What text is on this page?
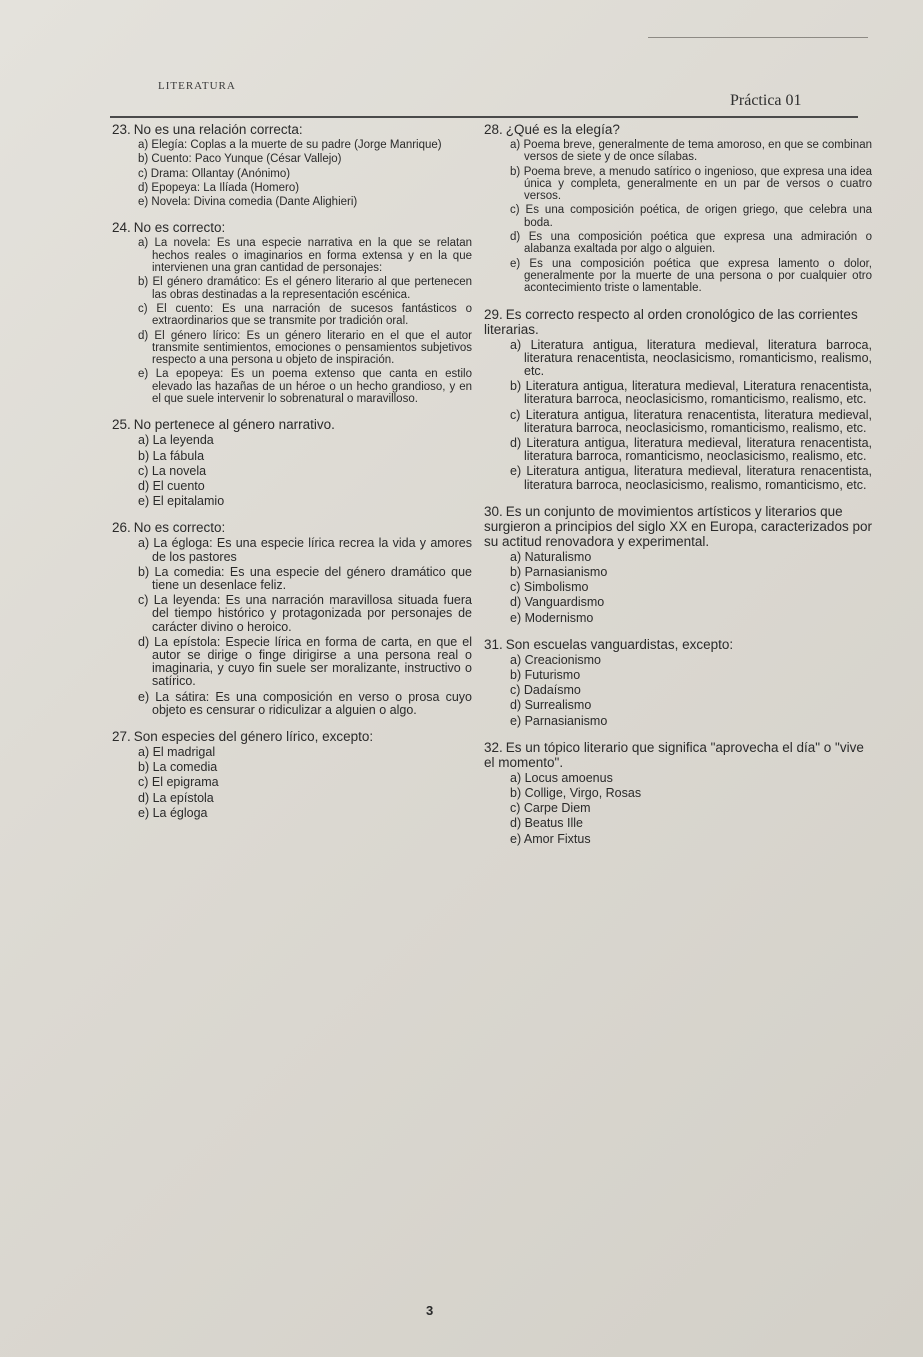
LITERATURA
Práctica 01
23. No es una relación correcta:
a) Elegía: Coplas a la muerte de su padre (Jorge Manrique)
b) Cuento: Paco Yunque (César Vallejo)
c) Drama: Ollantay (Anónimo)
d) Epopeya: La Ilíada (Homero)
e) Novela: Divina comedia (Dante Alighieri)
24. No es correcto:
a) La novela: Es una especie narrativa en la que se relatan hechos reales o imaginarios en forma extensa y en la que intervienen una gran cantidad de personajes:
b) El género dramático: Es el género literario al que pertenecen las obras destinadas a la representación escénica.
c) El cuento: Es una narración de sucesos fantásticos o extraordinarios que se transmite por tradición oral.
d) El género lírico: Es un género literario en el que el autor transmite sentimientos, emociones o pensamientos subjetivos respecto a una persona u objeto de inspiración.
e) La epopeya: Es un poema extenso que canta en estilo elevado las hazañas de un héroe o un hecho grandioso, y en el que suele intervenir lo sobrenatural o maravilloso.
25. No pertenece al género narrativo.
a) La leyenda
b) La fábula
c) La novela
d) El cuento
e) El epitalamio
26. No es correcto:
a) La égloga: Es una especie lírica recrea la vida y amores de los pastores
b) La comedia: Es una especie del género dramático que tiene un desenlace feliz.
c) La leyenda: Es una narración maravillosa situada fuera del tiempo histórico y protagonizada por personajes de carácter divino o heroico.
d) La epístola: Especie lírica en forma de carta, en que el autor se dirige o finge dirigirse a una persona real o imaginaria, y cuyo fin suele ser moralizante, instructivo o satírico.
e) La sátira: Es una composición en verso o prosa cuyo objeto es censurar o ridiculizar a alguien o algo.
27. Son especies del género lírico, excepto:
a) El madrigal
b) La comedia
c) El epigrama
d) La epístola
e) La égloga
28. ¿Qué es la elegía?
a) Poema breve, generalmente de tema amoroso, en que se combinan versos de siete y de once sílabas.
b) Poema breve, a menudo satírico o ingenioso, que expresa una idea única y completa, generalmente en un par de versos o cuatro versos.
c) Es una composición poética, de origen griego, que celebra una boda.
d) Es una composición poética que expresa una admiración o alabanza exaltada por algo o alguien.
e) Es una composición poética que expresa lamento o dolor, generalmente por la muerte de una persona o por cualquier otro acontecimiento triste o lamentable.
29. Es correcto respecto al orden cronológico de las corrientes literarias.
a) Literatura antigua, literatura medieval, literatura barroca, literatura renacentista, neoclasicismo, romanticismo, realismo, etc.
b) Literatura antigua, literatura medieval, Literatura renacentista, literatura barroca, neoclasicismo, romanticismo, realismo, etc.
c) Literatura antigua, literatura renacentista, literatura medieval, literatura barroca, neoclasicismo, romanticismo, realismo, etc.
d) Literatura antigua, literatura medieval, literatura renacentista, literatura barroca, romanticismo, neoclasicismo, realismo, etc.
e) Literatura antigua, literatura medieval, literatura renacentista, literatura barroca, neoclasicismo, realismo, romanticismo, etc.
30. Es un conjunto de movimientos artísticos y literarios que surgieron a principios del siglo XX en Europa, caracterizados por su actitud renovadora y experimental.
a) Naturalismo
b) Parnasianismo
c) Simbolismo
d) Vanguardismo
e) Modernismo
31. Son escuelas vanguardistas, excepto:
a) Creacionismo
b) Futurismo
c) Dadaísmo
d) Surrealismo
e) Parnasianismo
32. Es un tópico literario que significa "aprovecha el día" o "vive el momento".
a) Locus amoenus
b) Collige, Virgo, Rosas
c) Carpe Diem
d) Beatus Ille
e) Amor Fixtus
3
